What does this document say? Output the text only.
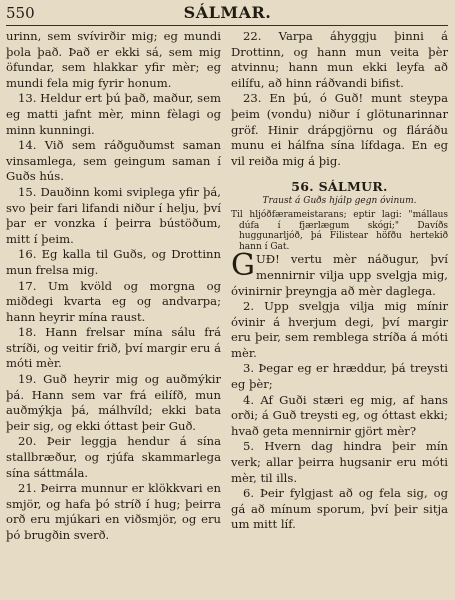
550	SÁLMAR.

urinn, sem svívirðir mig; eg mundi þola það. Það er ekki sá, sem mig öfundar, sem hlakkar yfir mèr; eg mundi fela mig fyrir honum.

13. Heldur ert þú það, maður, sem eg matti jafnt mèr, minn fèlagi og minn kunningi.

14. Við sem ráðguðumst saman vinsamlega, sem geingum saman í Guðs hús.

15. Dauðinn komi sviplega yfir þá, svo þeir fari lifandi niður í helju, því þar er vonzka í þeirra bústöðum, mitt í þeim.

16. Eg kalla til Guðs, og Drottinn mun frelsa mig.

17. Um kvöld og morgna og miðdegi kvarta eg og andvarpa; hann heyrir mína raust.

18. Hann frelsar mína sálu frá stríði, og veitir frið, því margir eru á móti mèr.

19. Guð heyrir mig og auðmýkir þá. Hann sem var frá eilífð, mun auðmýkja þá, málhvíld; ekki bata þeir sig, og ekki óttast þeir Guð.

20. Þeir leggja hendur á sína stallbræður, og rjúfa skammarlega sína sáttmála.

21. Þeirra munnur er klökkvari en smjör, og hafa þó stríð í hug; þeirra orð eru mjúkari en viðsmjör, og eru þó brugðin sverð.

22. Varpa áhyggju þinni á Drottinn, og hann mun veita þèr atvinnu; hann mun ekki leyfa að eilífu, að hinn ráðvandi bifist.

23. En þú, ó Guð! munt steypa þeim (vondu) niður í glötunarinnar gröf. Hinir drápgjörnu og fláráðu munu ei hálfna sína lífdaga. En eg vil reiða mig á þig.

56. SÁLMUR.
Traust á Guðs hjálp gegn óvinum.

Til hljóðfærameistarans; eptir lagi: "mállaus dúfa í fjærlægum skógi;" Davíðs huggunarljóð, þá Filistear höfðu hertekið hann í Gat.

GUÐ! vertu mèr náðugur, því mennirnir vilja upp svelgja mig, óvinirnir þreyngja að mèr daglega.

2. Upp svelgja vilja mig mínir óvinir á hverjum degi, því margir eru þeir, sem remblega stríða á móti mèr.

3. Þegar eg er hræddur, þá treysti eg þèr;

4. Af Guði stæri eg mig, af hans orði; á Guð treysti eg, og óttast ekki; hvað geta mennirnir gjört mèr?

5. Hvern dag hindra þeir mín verk; allar þeirra hugsanir eru móti mèr, til ills.

6. Þeir fylgjast að og fela sig, og gá að mínum sporum, því þeir sitja um mitt líf.
